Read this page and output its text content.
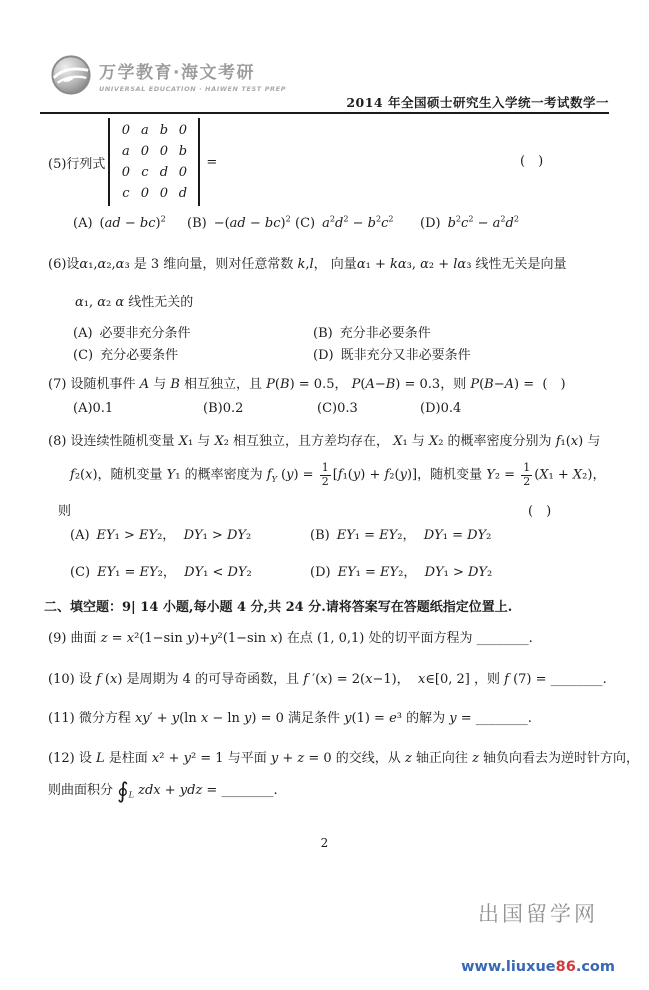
万学教育·海文考研
UNIVERSAL EDUCATION · HAIWEN TEST PREP
2014 年全国硕士研究生入学统一考试数学一
(5)行列式
0 a b 0
a 0 0 b
0 c d 0
c 0 0 d
=	(　)
(A) (ad − bc)$^2$ (B) −(ad − bc)$^2$ (C) $a^2d^2 - b^2c^2$ (D) $b^2c^2 - a^2d^2$
(6)设α₁,α₂,α₃ 是 3 维向量，则对任意常数 k,l， 向量α₁ + kα₃, α₂ + lα₃ 线性无关是向量
α₁, α₂ α 线性无关的
(A) 必要非充分条件	(B) 充分非必要条件
(C) 充分必要条件	(D) 既非充分又非必要条件
(7) 设随机事件 A 与 B 相互独立，且 P(B) = 0.5， P(A−B) = 0.3，则 P(B−A) =  (　)
(A)0.1	(B)0.2	(C)0.3	(D)0.4
(8) 设连续性随机变量 X₁ 与 X₂ 相互独立，且方差均存在， X₁ 与 X₂ 的概率密度分别为 f₁(x) 与
f₂(x)，随机变量 Y₁ 的概率密度为 $f_Y$ $(y) = \frac{1}{2} [f_1(y) + f_2(y)]$，随机变量 $Y_2 = \frac{1}{2} (X_1 + X_2)$，
则	(　)
(A) EY₁ > EY₂，  DY₁ > DY₂	(B) EY₁ = EY₂，  DY₁ = DY₂
(C) EY₁ = EY₂，  DY₁ < DY₂	(D) EY₁ = EY₂，  DY₁ > DY₂
二、填空题：9| 14 小题,每小题 4 分,共 24 分.请将答案写在答题纸指定位置上.
(9) 曲面 z = x²(1−sin y)+y²(1−sin x) 在点 (1, 0,1) 处的切平面方程为 ________.
(10) 设 f (x) 是周期为 4 的可导奇函数，且 f ′(x) = 2(x−1)，  x∈[0, 2] ，则 f (7) = ________.
(11) 微分方程 xy′ + y(ln x − ln y) = 0 满足条件 y(1) = e³ 的解为 y = ________.
(12) 设 L 是柱面 x² + y² = 1 与平面 y + z = 0 的交线，从 z 轴正向往 z 轴负向看去为逆时针方向，
则曲面积分 $∮_L$ zdx + ydz = ________.
2

出国留学网

www.liuxue86.com
